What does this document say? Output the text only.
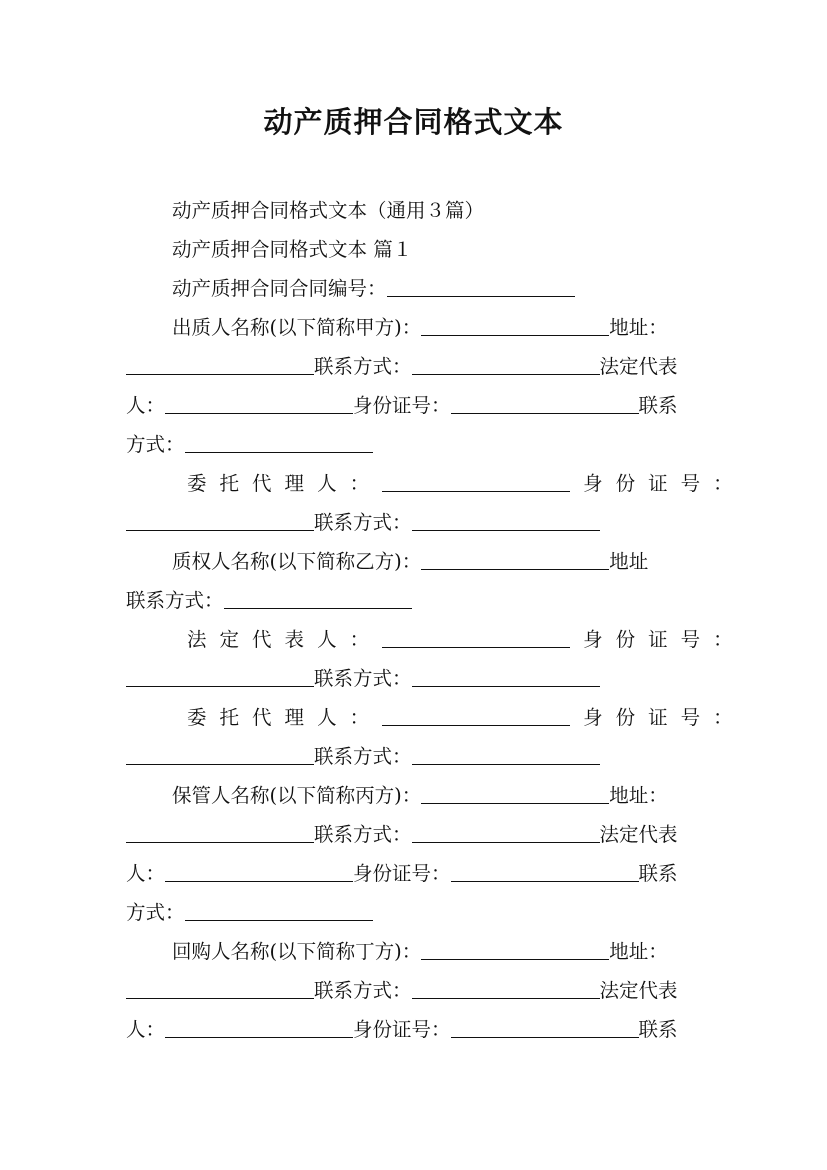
动产质押合同格式文本
动产质押合同格式文本（通用３篇）
动产质押合同格式文本 篇１
动产质押合同合同编号：
出质人名称(以下简称甲方)：	地址：
联系方式：	法定代表
人：	身份证号：	联系
方式：
委 托 代 理 人 ：	身 份 证 号 ：
联系方式：
质权人名称(以下简称乙方)：	地址
联系方式：
法 定 代 表 人 ：	身 份 证 号 ：
联系方式：
委 托 代 理 人 ：	身 份 证 号 ：
联系方式：
保管人名称(以下简称丙方)：	地址：
联系方式：	法定代表
人：	身份证号：	联系
方式：
回购人名称(以下简称丁方)：	地址：
联系方式：	法定代表
人：	身份证号：	联系
